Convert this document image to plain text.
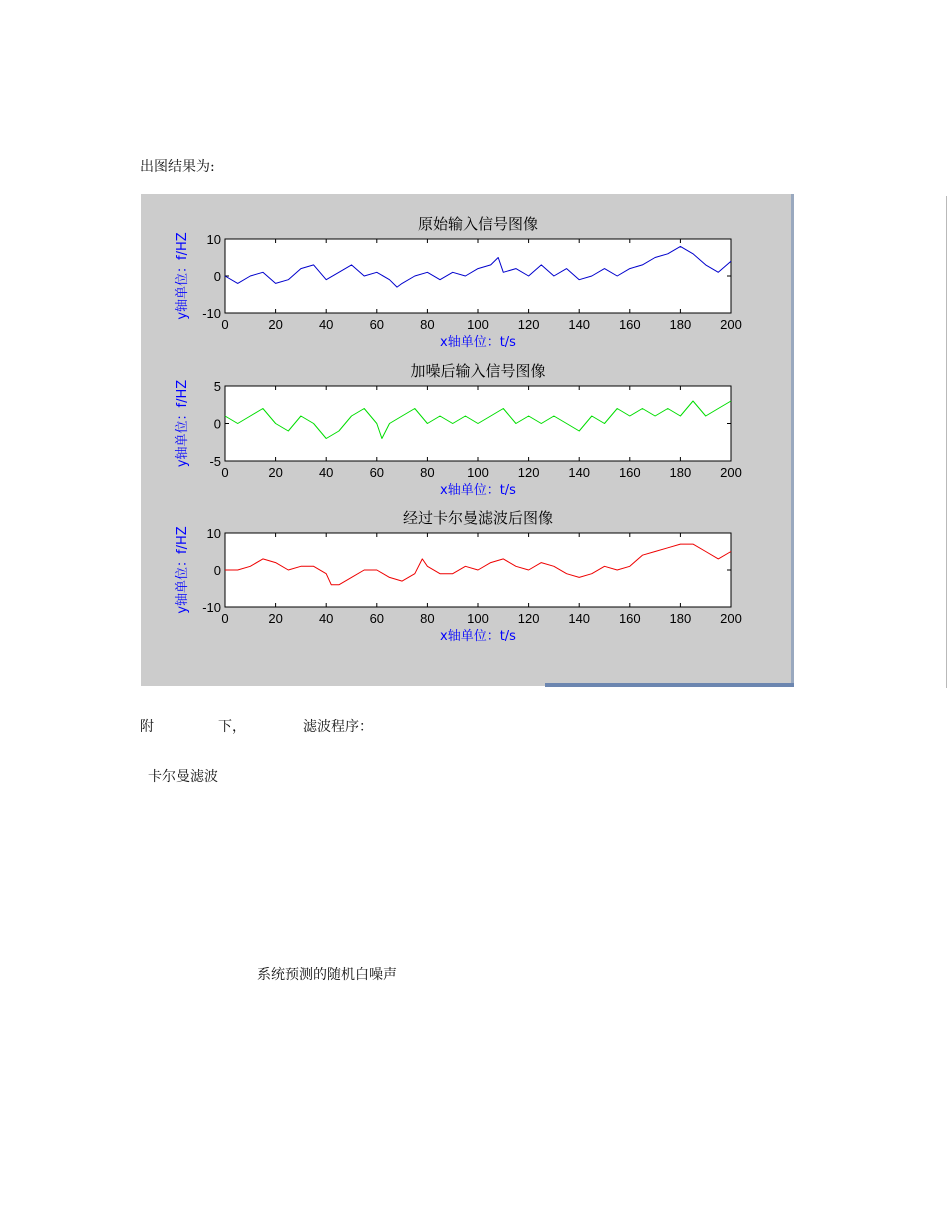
出图结果为:
0	20	40	60	80	100 120 140 160 180 200
-10
0
10
原始输入信号图像
x轴单位：t/s
y轴单位：f/HZ
0	20	40	60	80	100 120 140 160 180 200
-5
0
5
加噪后输入信号图像
x轴单位：t/s
y轴单位：f/HZ
0	20	40	60	80	100 120 140 160 180 200
-10
0
10
经过卡尔曼滤波后图像
x轴单位：t/s
y轴单位：f/HZ
附	下，	滤波程序：
卡尔曼滤波
系统预测的随机白噪声
